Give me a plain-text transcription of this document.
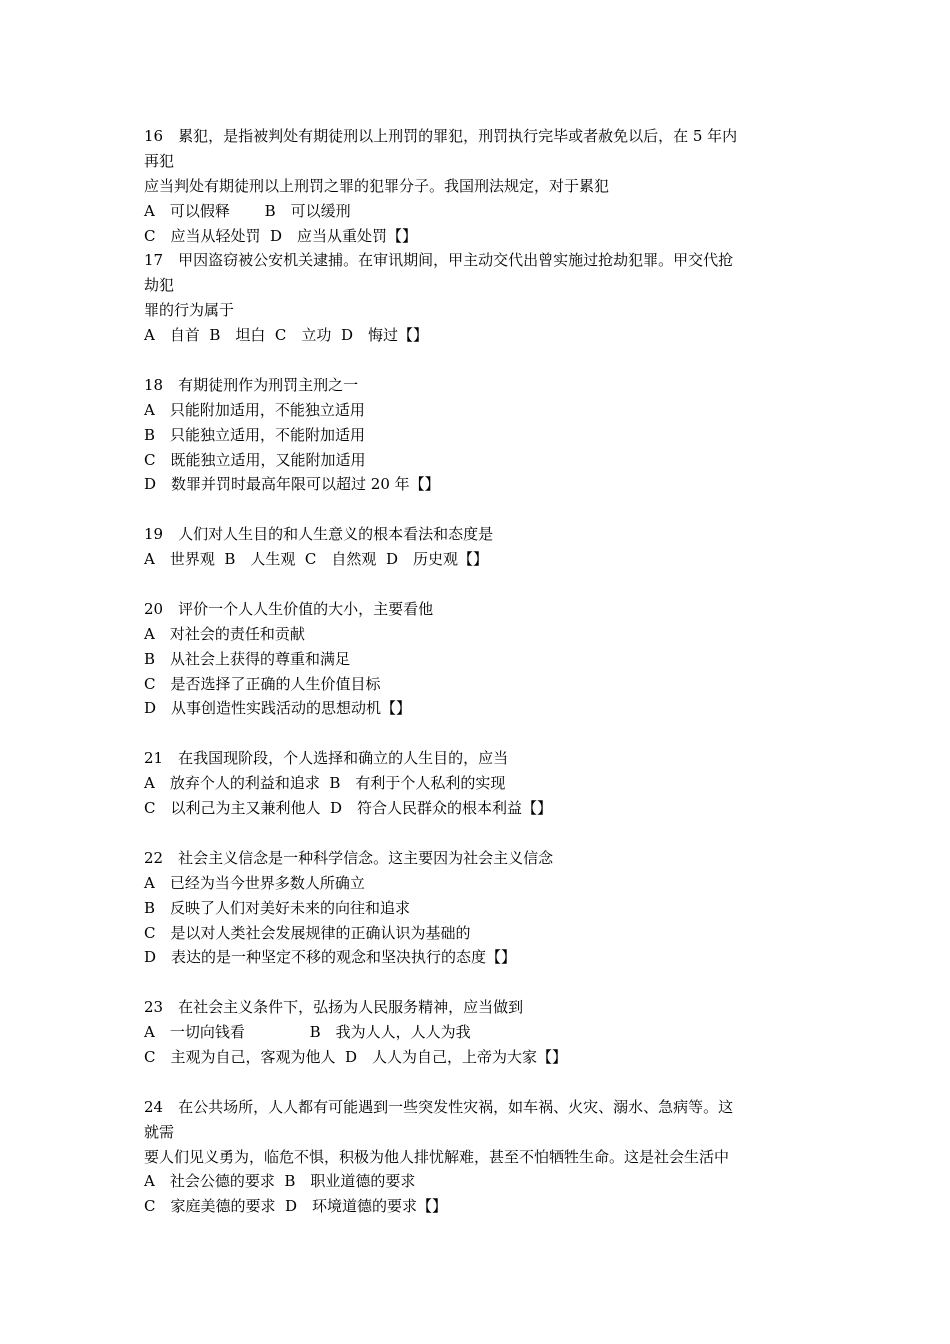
16　累犯，是指被判处有期徒刑以上刑罚的罪犯，刑罚执行完毕或者赦免以后，在 5 年内
再犯
应当判处有期徒刑以上刑罚之罪的犯罪分子。我国刑法规定，对于累犯
A　可以假释　　 B　可以缓刑
C　应当从轻处罚  D　应当从重处罚【】
17　甲因盗窃被公安机关逮捕。在审讯期间，甲主动交代出曾实施过抢劫犯罪。甲交代抢
劫犯
罪的行为属于
A　自首  B　坦白  C　立功  D　悔过【】
18　有期徒刑作为刑罚主刑之一
A　只能附加适用，不能独立适用
B　只能独立适用，不能附加适用
C　既能独立适用，又能附加适用
D　数罪并罚时最高年限可以超过 20 年【】
19　人们对人生目的和人生意义的根本看法和态度是
A　世界观  B　人生观  C　自然观  D　历史观【】
20　评价一个人人生价值的大小，主要看他
A　对社会的责任和贡献
B　从社会上获得的尊重和满足
C　是否选择了正确的人生价值目标
D　从事创造性实践活动的思想动机【】
21　在我国现阶段，个人选择和确立的人生目的，应当
A　放弃个人的利益和追求  B　有利于个人私利的实现
C　以利己为主又兼利他人  D　符合人民群众的根本利益【】
22　社会主义信念是一种科学信念。这主要因为社会主义信念
A　已经为当今世界多数人所确立
B　反映了人们对美好未来的向往和追求
C　是以对人类社会发展规律的正确认识为基础的
D　表达的是一种坚定不移的观念和坚决执行的态度【】
23　在社会主义条件下，弘扬为人民服务精神，应当做到
A　一切向钱看　　　　 B　我为人人，人人为我
C　主观为自己，客观为他人  D　人人为自己，上帝为大家【】
24　在公共场所，人人都有可能遇到一些突发性灾祸，如车祸、火灾、溺水、急病等。这
就需
要人们见义勇为，临危不惧，积极为他人排忧解难，甚至不怕牺牲生命。这是社会生活中
A　社会公德的要求  B　职业道德的要求
C　家庭美德的要求  D　环境道德的要求【】
